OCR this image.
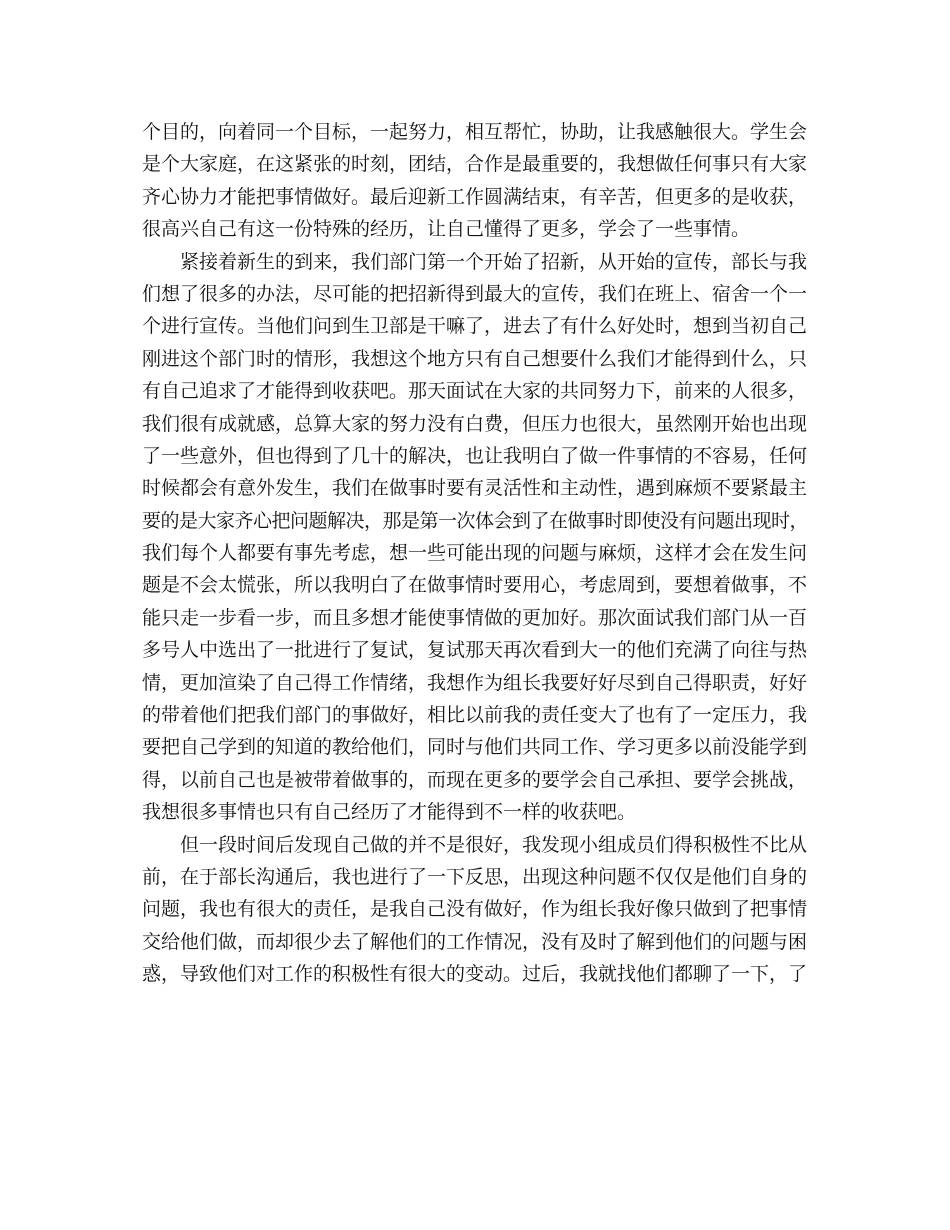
个目的，向着同一个目标，一起努力，相互帮忙，协助，让我感触很大。学生会
是个大家庭，在这紧张的时刻，团结，合作是最重要的，我想做任何事只有大家
齐心协力才能把事情做好。最后迎新工作圆满结束，有辛苦，但更多的是收获，
很高兴自己有这一份特殊的经历，让自己懂得了更多，学会了一些事情。
紧接着新生的到来，我们部门第一个开始了招新，从开始的宣传，部长与我
们想了很多的办法，尽可能的把招新得到最大的宣传，我们在班上、宿舍一个一
个进行宣传。当他们问到生卫部是干嘛了，进去了有什么好处时，想到当初自己
刚进这个部门时的情形，我想这个地方只有自己想要什么我们才能得到什么，只
有自己追求了才能得到收获吧。那天面试在大家的共同努力下，前来的人很多，
我们很有成就感，总算大家的努力没有白费，但压力也很大，虽然刚开始也出现
了一些意外，但也得到了几十的解决，也让我明白了做一件事情的不容易，任何
时候都会有意外发生，我们在做事时要有灵活性和主动性，遇到麻烦不要紧最主
要的是大家齐心把问题解决，那是第一次体会到了在做事时即使没有问题出现时，
我们每个人都要有事先考虑，想一些可能出现的问题与麻烦，这样才会在发生问
题是不会太慌张，所以我明白了在做事情时要用心，考虑周到，要想着做事，不
能只走一步看一步，而且多想才能使事情做的更加好。那次面试我们部门从一百
多号人中选出了一批进行了复试，复试那天再次看到大一的他们充满了向往与热
情，更加渲染了自己得工作情绪，我想作为组长我要好好尽到自己得职责，好好
的带着他们把我们部门的事做好，相比以前我的责任变大了也有了一定压力，我
要把自己学到的知道的教给他们，同时与他们共同工作、学习更多以前没能学到
得，以前自己也是被带着做事的，而现在更多的要学会自己承担、要学会挑战，
我想很多事情也只有自己经历了才能得到不一样的收获吧。
但一段时间后发现自己做的并不是很好，我发现小组成员们得积极性不比从
前，在于部长沟通后，我也进行了一下反思，出现这种问题不仅仅是他们自身的
问题，我也有很大的责任，是我自己没有做好，作为组长我好像只做到了把事情
交给他们做，而却很少去了解他们的工作情况，没有及时了解到他们的问题与困
惑，导致他们对工作的积极性有很大的变动。过后，我就找他们都聊了一下，了
